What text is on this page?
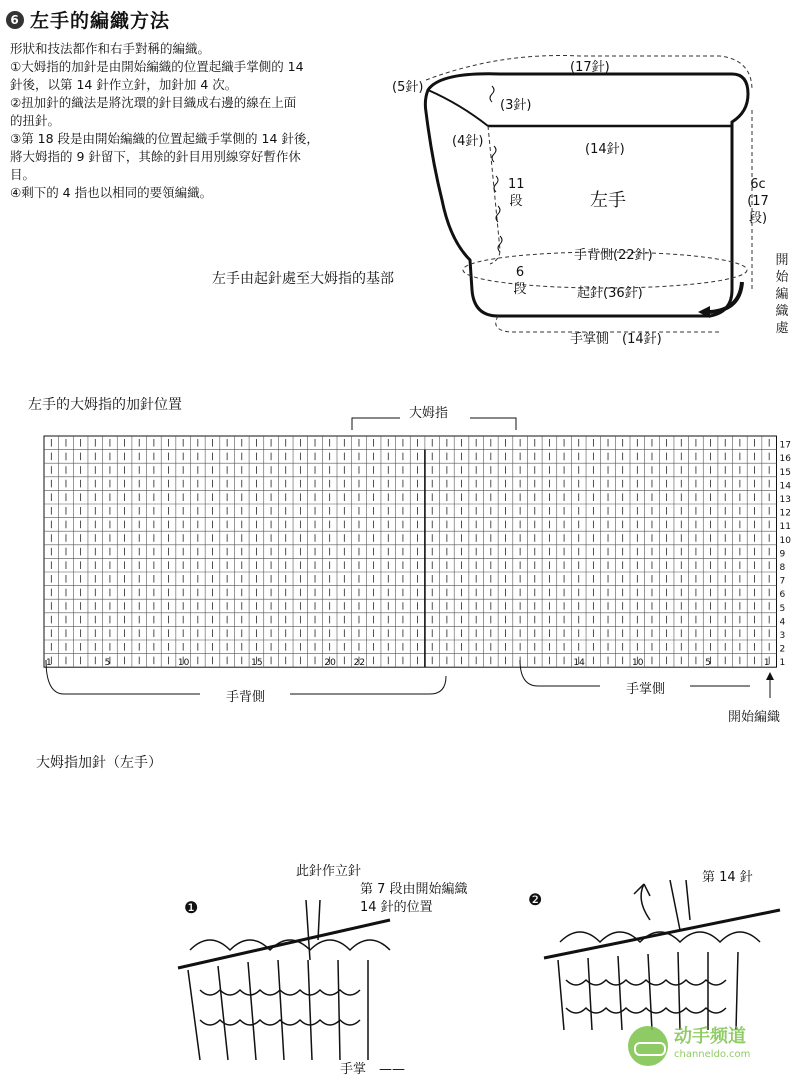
6 左手的編織方法

形狀和技法都作和右手對稱的編織。

①大姆指的加針是由開始編織的位置起織手掌側的 14

針後，以第 14 針作立針，加針加 4 次。

②扭加針的織法是將沈環的針目織成右邊的線在上面

的扭針。

③第 18 段是由開始編織的位置起織手掌側的 14 針後，

將大姆指的 9 針留下，其餘的針目用別線穿好暫作休

目。

④剩下的 4 指也以相同的要領編織。

(17針)
(5針)
(3針)
(4針)
(14針)
11
段	左手
6c
(17
段)
手背側(22針)
6
段	起針(36針)
手掌側　(14針)
開
始
編
織
處
左手由起針處至大姆指的基部
左手的大姆指的加針位置
17
16
15
14
13
12
11
10
9
8
7
6
5
4
3
2
1
22
20
15
10
5
1	14	10	5	1
大姆指
手背側
手掌側
開始編織
大姆指加針（左手）
❶
此針作立針
第 7 段由開始編織
14 針的位置
手掌　——
❷
第 14 針
动手频道
channeldo.com
